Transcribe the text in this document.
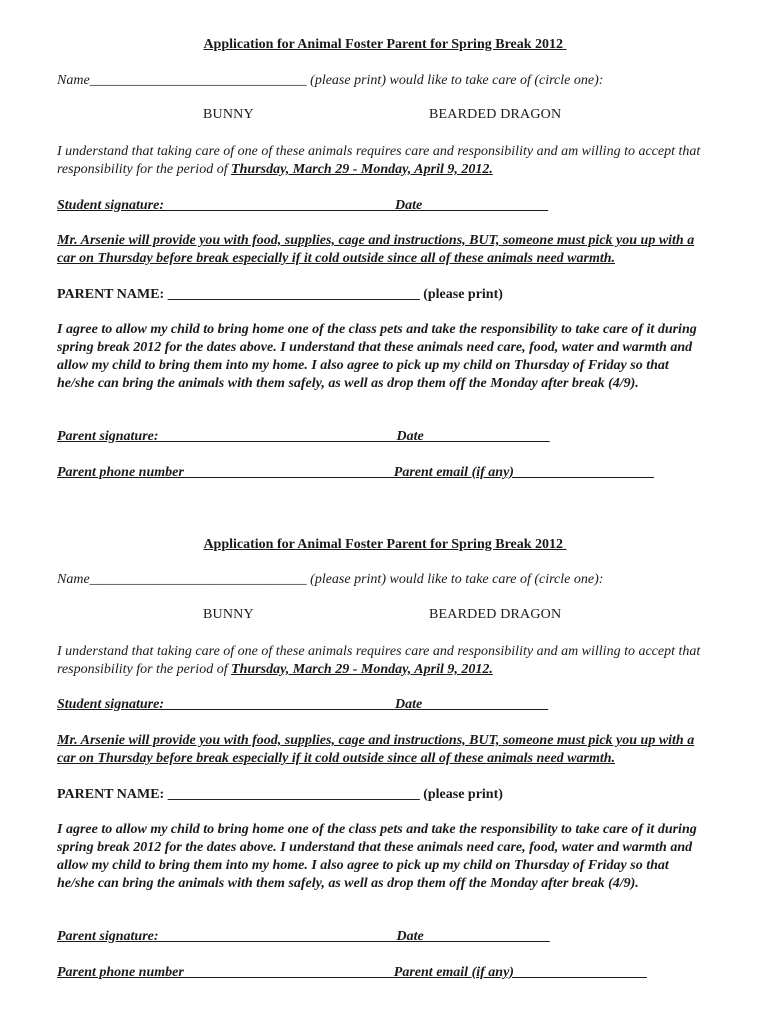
Application for Animal Foster Parent for Spring Break 2012
Name_______________________________ (please print) would like to take care of (circle one):
BUNNY	BEARDED DRAGON
I understand that taking care of one of these animals requires care and responsibility and am willing to accept that responsibility for the period of Thursday, March 29 - Monday, April 9, 2012.
Student signature:_________________________________Date__________________
Mr. Arsenie will provide you with food, supplies, cage and instructions, BUT, someone must pick you up with a car on Thursday before break especially if it cold outside since all of these animals need warmth.
PARENT NAME: ____________________________________ (please print)
I agree to allow my child to bring home one of the class pets and take the responsibility to take care of it during spring break 2012 for the dates above. I understand that these animals need care, food, water and warmth and allow my child to bring them into my home. I also agree to pick up my child on Thursday of Friday so that he/she can bring the animals with them safely, as well as drop them off the Monday after break (4/9).
Parent signature:__________________________________Date__________________
Parent phone number______________________________Parent email (if any)____________________
Application for Animal Foster Parent for Spring Break 2012
Name_______________________________ (please print) would like to take care of (circle one):
BUNNY	BEARDED DRAGON
I understand that taking care of one of these animals requires care and responsibility and am willing to accept that responsibility for the period of Thursday, March 29 - Monday, April 9, 2012.
Student signature:_________________________________Date__________________
Mr. Arsenie will provide you with food, supplies, cage and instructions, BUT, someone must pick you up with a car on Thursday before break especially if it cold outside since all of these animals need warmth.
PARENT NAME: ____________________________________ (please print)
I agree to allow my child to bring home one of the class pets and take the responsibility to take care of it during spring break 2012 for the dates above. I understand that these animals need care, food, water and warmth and allow my child to bring them into my home. I also agree to pick up my child on Thursday of Friday so that he/she can bring the animals with them safely, as well as drop them off the Monday after break (4/9).
Parent signature:__________________________________Date__________________
Parent phone number______________________________Parent email (if any)___________________
